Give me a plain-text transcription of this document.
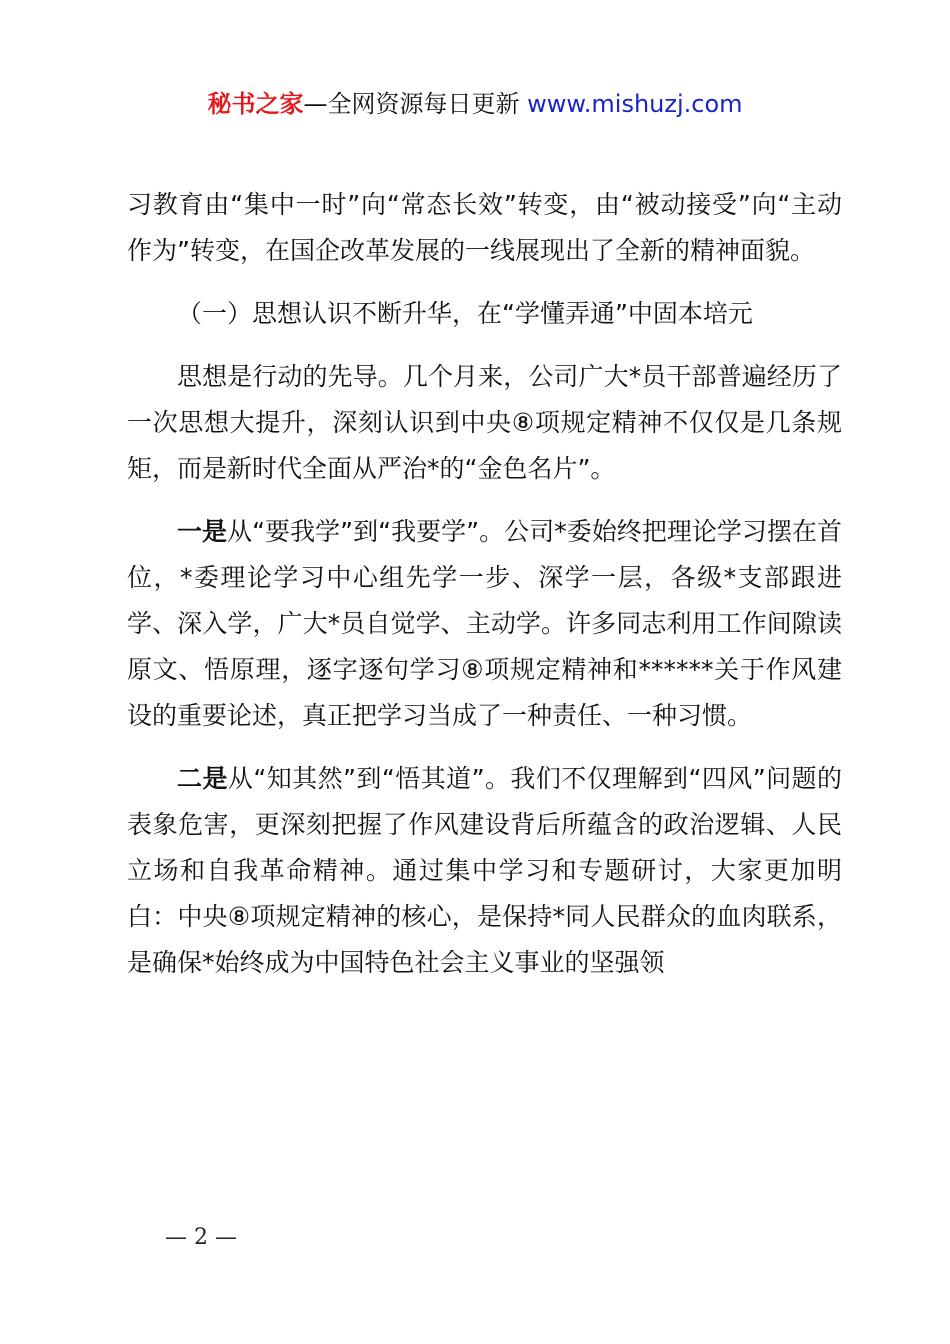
秘书之家—全网资源每日更新 www.mishuzj.com

习教育由“集中一时”向“常态长效”转变，由“被动接受”向“主动作为”转变，在国企改革发展的一线展现出了全新的精神面貌。

（一）思想认识不断升华，在“学懂弄通”中固本培元

思想是行动的先导。几个月来，公司广大*员干部普遍经历了一次思想大提升，深刻认识到中央⑧项规定精神不仅仅是几条规矩，而是新时代全面从严治*的“金色名片”。

一是从“要我学”到“我要学”。公司*委始终把理论学习摆在首位，*委理论学习中心组先学一步、深学一层，各级*支部跟进学、深入学，广大*员自觉学、主动学。许多同志利用工作间隙读原文、悟原理，逐字逐句学习⑧项规定精神和******关于作风建设的重要论述，真正把学习当成了一种责任、一种习惯。

二是从“知其然”到“悟其道”。我们不仅理解到“四风”问题的表象危害，更深刻把握了作风建设背后所蕴含的政治逻辑、人民立场和自我革命精神。通过集中学习和专题研讨，大家更加明白：中央⑧项规定精神的核心，是保持*同人民群众的血肉联系，是确保*始终成为中国特色社会主义事业的坚强领

— 2 —
